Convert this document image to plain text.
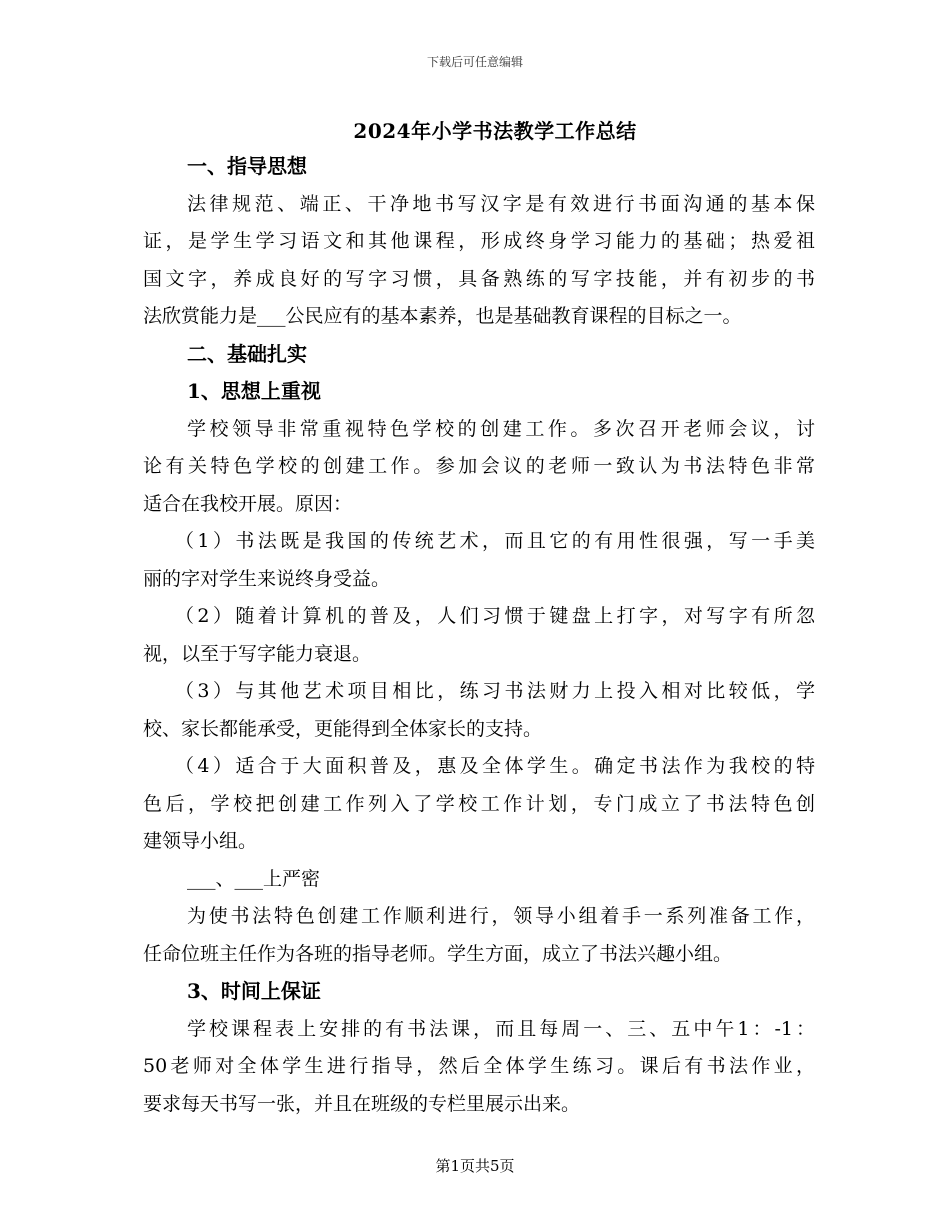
下载后可任意编辑
2024年小学书法教学工作总结
一、指导思想
法律规范、端正、干净地书写汉字是有效进行书面沟通的基本保
证，是学生学习语文和其他课程，形成终身学习能力的基础；热爱祖
国文字，养成良好的写字习惯，具备熟练的写字技能，并有初步的书
法欣赏能力是___公民应有的基本素养，也是基础教育课程的目标之一。
二、基础扎实
1、思想上重视
学校领导非常重视特色学校的创建工作。多次召开老师会议，讨
论有关特色学校的创建工作。参加会议的老师一致认为书法特色非常
适合在我校开展。原因：
（1）书法既是我国的传统艺术，而且它的有用性很强，写一手美
丽的字对学生来说终身受益。
（2）随着计算机的普及，人们习惯于键盘上打字，对写字有所忽
视，以至于写字能力衰退。
（3）与其他艺术项目相比，练习书法财力上投入相对比较低，学
校、家长都能承受，更能得到全体家长的支持。
（4）适合于大面积普及，惠及全体学生。确定书法作为我校的特
色后，学校把创建工作列入了学校工作计划，专门成立了书法特色创
建领导小组。
___、___上严密
为使书法特色创建工作顺利进行，领导小组着手一系列准备工作，
任命位班主任作为各班的指导老师。学生方面，成立了书法兴趣小组。
3、时间上保证
学校课程表上安排的有书法课，而且每周一、三、五中午1：-1：
50老师对全体学生进行指导，然后全体学生练习。课后有书法作业，
要求每天书写一张，并且在班级的专栏里展示出来。
第1页共5页
